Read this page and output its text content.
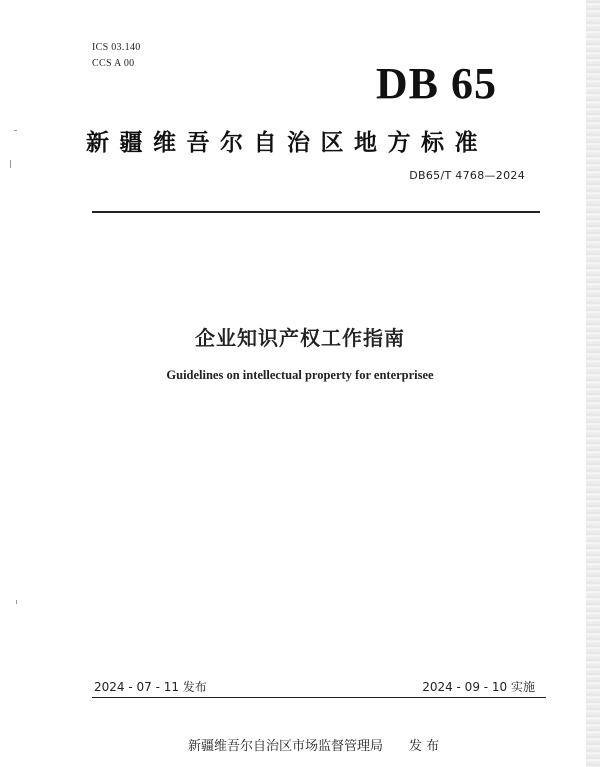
ICS 03.140
CCS A 00	DB 65
新疆维吾尔自治区地方标准
DB65/T 4768—2024
企业知识产权工作指南
Guidelines on intellectual property for enterprisee
2024 - 07 - 11 发布	2024 - 09 - 10 实施
新疆维吾尔自治区市场监督管理局 发 布
